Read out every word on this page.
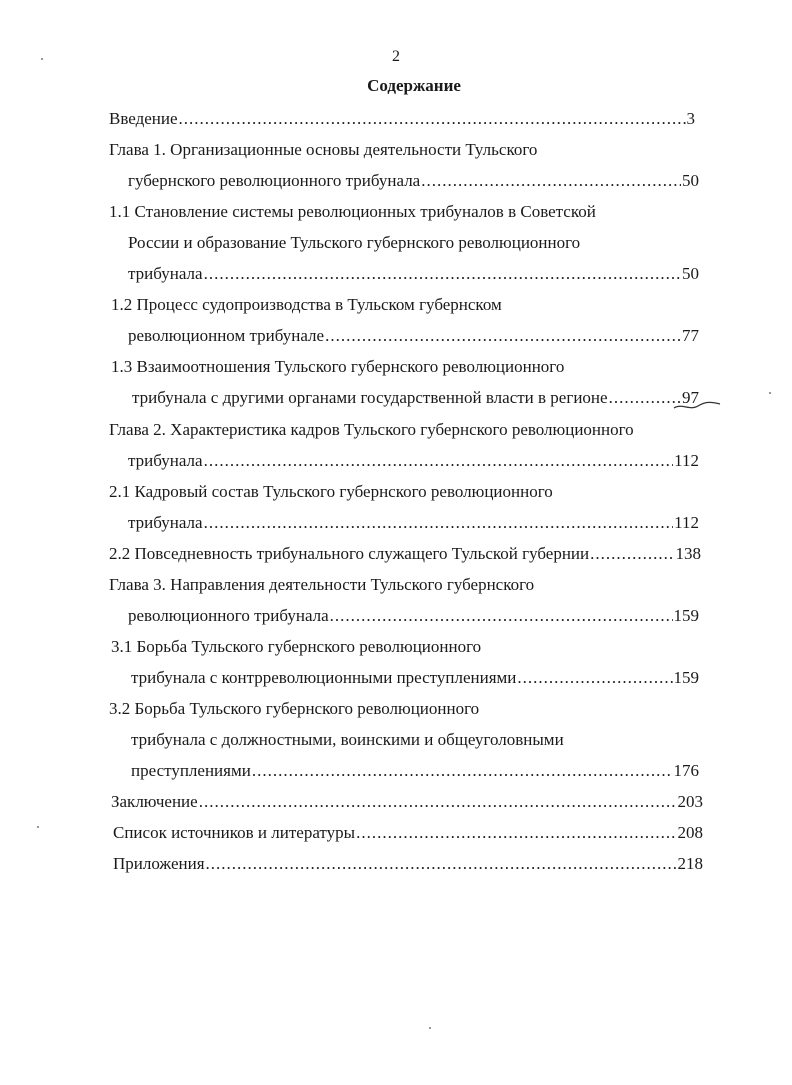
2
Содержание
Введение .....	3
Глава 1. Организационные основы деятельности Тульского
губернского революционного трибунала .....	50
1.1 Становление системы революционных трибуналов в Советской
России и образование Тульского губернского революционного
трибунала .....	50
1.2 Процесс судопроизводства в Тульском губернском
революционном трибунале .....	77
1.3 Взаимоотношения Тульского губернского революционного
трибунала с другими органами государственной власти в регионе .....	97
Глава 2. Характеристика кадров Тульского губернского революционного
трибунала .....	112
2.1 Кадровый состав Тульского губернского революционного
трибунала .....	112
2.2 Повседневность трибунального служащего Тульской губернии .....	138
Глава 3. Направления деятельности Тульского губернского
революционного трибунала .....	159
3.1 Борьба Тульского губернского революционного
трибунала с контрреволюционными преступлениями .....	159
3.2 Борьба Тульского губернского революционного
трибунала с должностными, воинскими и общеуголовными
преступлениями .....	176
Заключение .....	203
Список источников и литературы .....	208
Приложения .....	218
